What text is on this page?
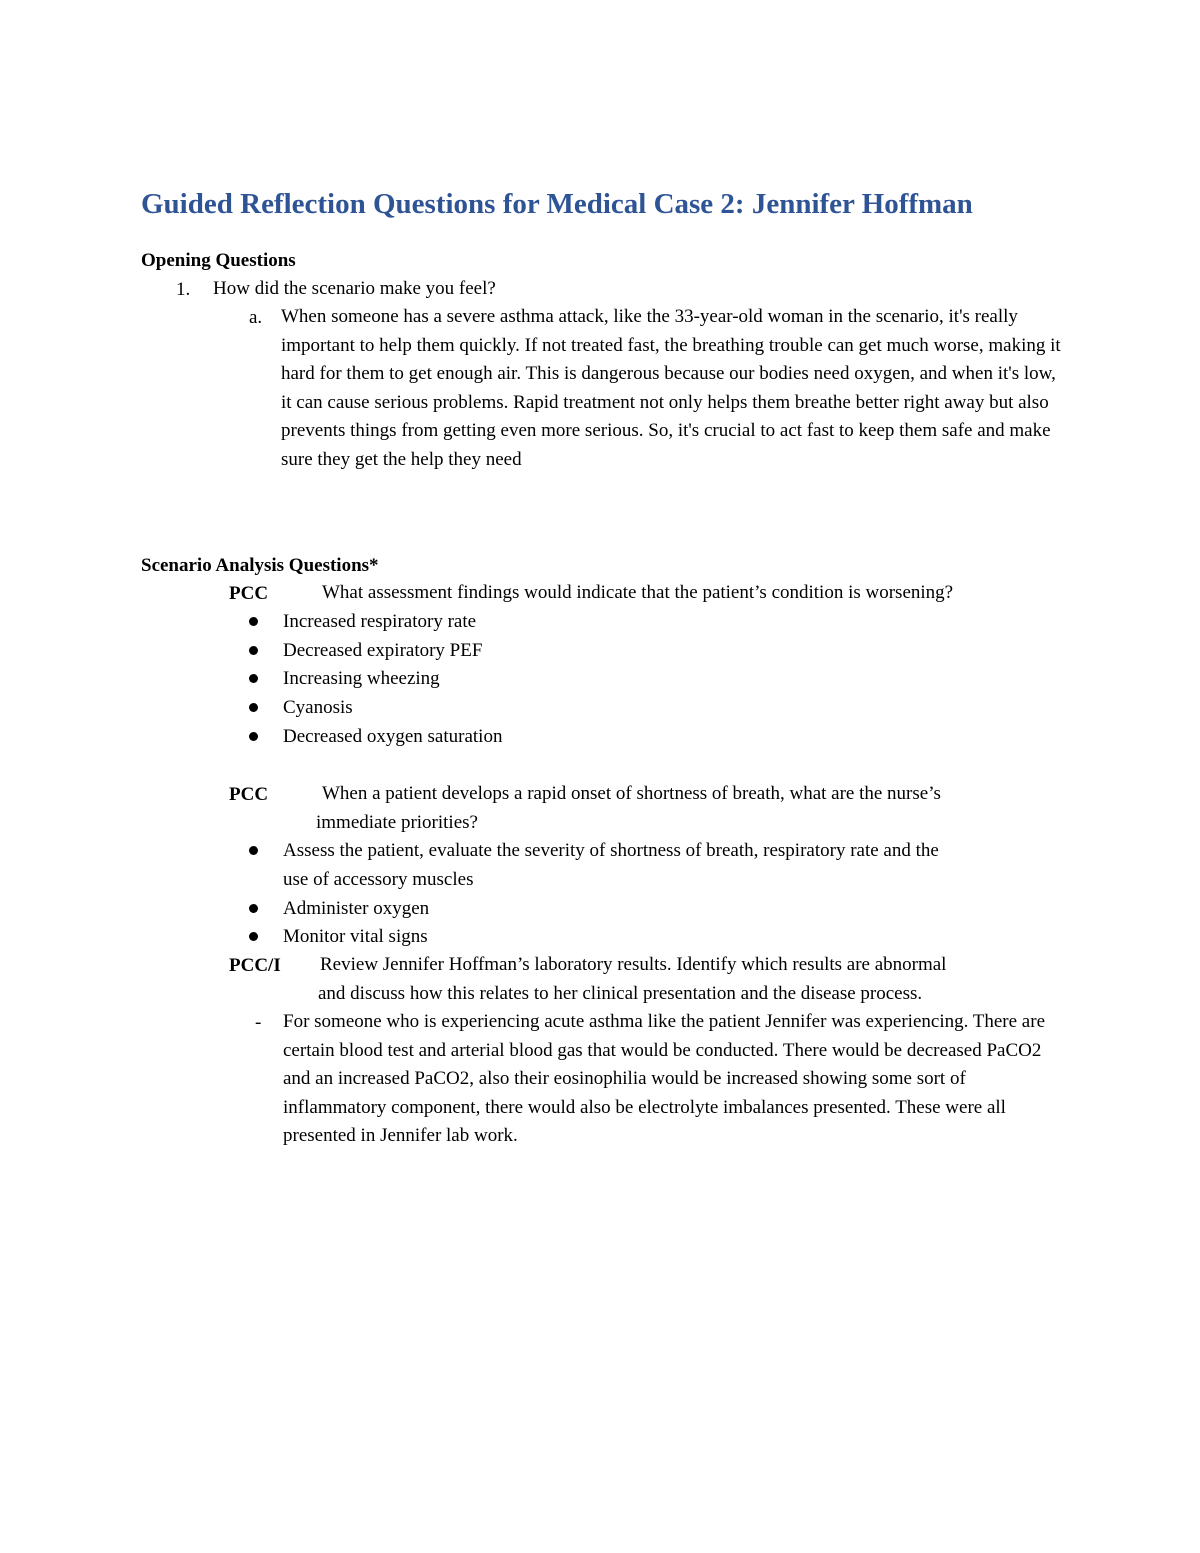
Guided Reflection Questions for Medical Case 2: Jennifer Hoffman
Opening Questions
1. How did the scenario make you feel?
a. When someone has a severe asthma attack, like the 33-year-old woman in the scenario, it's really important to help them quickly. If not treated fast, the breathing trouble can get much worse, making it hard for them to get enough air. This is dangerous because our bodies need oxygen, and when it's low, it can cause serious problems. Rapid treatment not only helps them breathe better right away but also prevents things from getting even more serious. So, it's crucial to act fast to keep them safe and make sure they get the help they need
Scenario Analysis Questions*
PCC	What assessment findings would indicate that the patient’s condition is worsening?
Increased respiratory rate
Decreased expiratory PEF
Increasing wheezing
Cyanosis
Decreased oxygen saturation
PCC	When a patient develops a rapid onset of shortness of breath, what are the nurse’s
immediate priorities?
Assess the patient, evaluate the severity of shortness of breath, respiratory rate and the
use of accessory muscles
Administer oxygen
Monitor vital signs
PCC/I Review Jennifer Hoffman’s laboratory results. Identify which results are abnormal
and discuss how this relates to her clinical presentation and the disease process.
- For someone who is experiencing acute asthma like the patient Jennifer was experiencing. There are certain blood test and arterial blood gas that would be conducted. There would be decreased PaCO2 and an increased PaCO2, also their eosinophilia would be increased showing some sort of inflammatory component, there would also be electrolyte imbalances presented. These were all presented in Jennifer lab work.
